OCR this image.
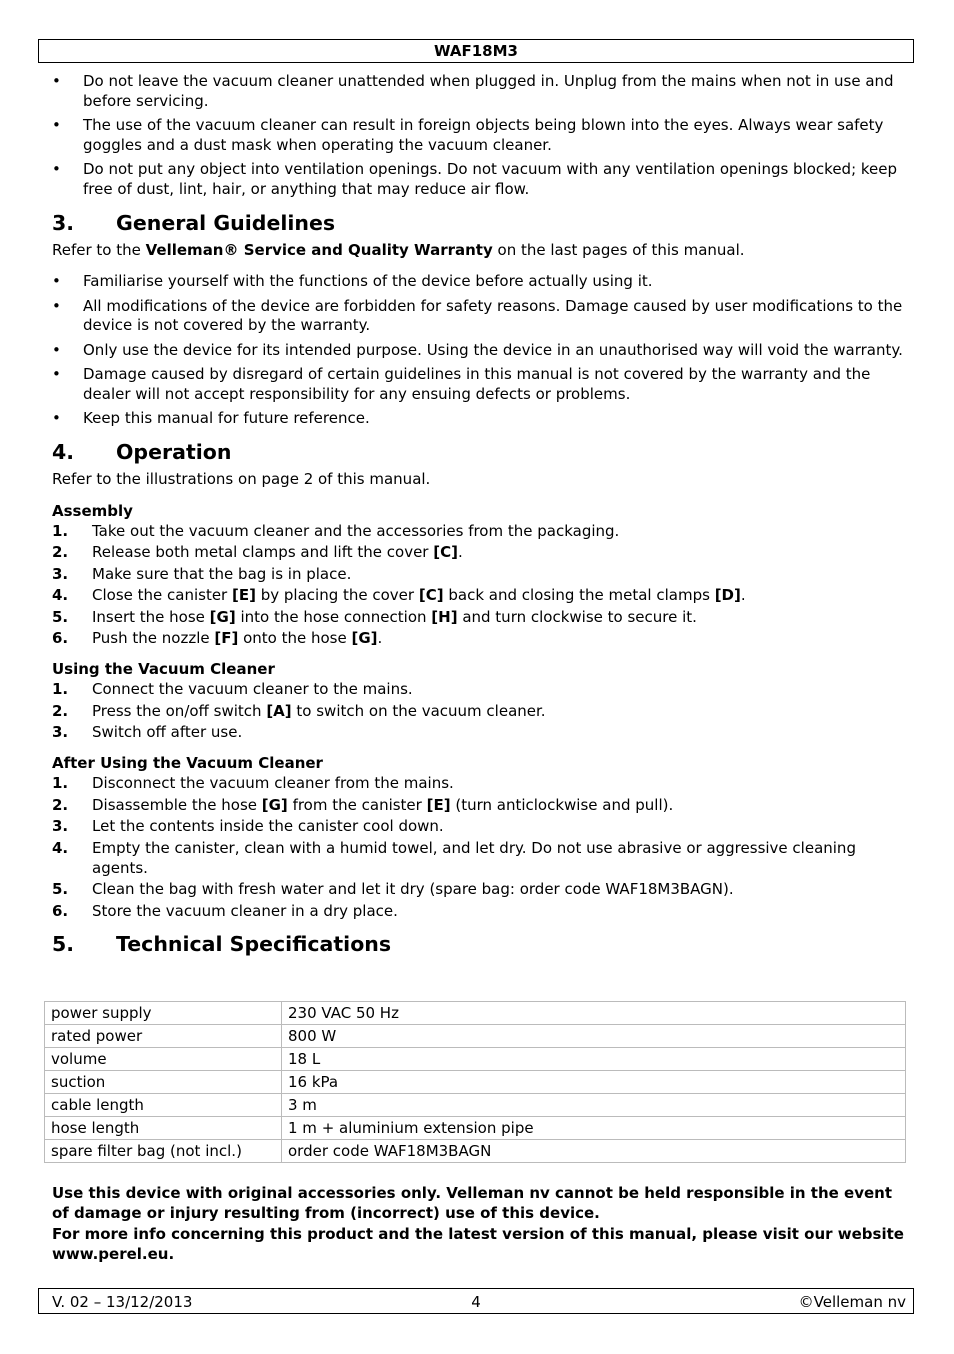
WAF18M3
• Do not leave the vacuum cleaner unattended when plugged in. Unplug from the mains when not in use and before servicing.
• The use of the vacuum cleaner can result in foreign objects being blown into the eyes. Always wear safety goggles and a dust mask when operating the vacuum cleaner.
• Do not put any object into ventilation openings. Do not vacuum with any ventilation openings blocked; keep free of dust, lint, hair, or anything that may reduce air flow.
3. General Guidelines

Refer to the Velleman® Service and Quality Warranty on the last pages of this manual.

• Familiarise yourself with the functions of the device before actually using it.
• All modifications of the device are forbidden for safety reasons. Damage caused by user modifications to the device is not covered by the warranty.
• Only use the device for its intended purpose. Using the device in an unauthorised way will void the warranty.
• Damage caused by disregard of certain guidelines in this manual is not covered by the warranty and the dealer will not accept responsibility for any ensuing defects or problems.
• Keep this manual for future reference.
4. Operation

Refer to the illustrations on page 2 of this manual.

Assembly
1. Take out the vacuum cleaner and the accessories from the packaging.
2. Release both metal clamps and lift the cover [C].
3. Make sure that the bag is in place.
4. Close the canister [E] by placing the cover [C] back and closing the metal clamps [D].
5. Insert the hose [G] into the hose connection [H] and turn clockwise to secure it.
6. Push the nozzle [F] onto the hose [G].
Using the Vacuum Cleaner
1. Connect the vacuum cleaner to the mains.
2. Press the on/off switch [A] to switch on the vacuum cleaner.
3. Switch off after use.
After Using the Vacuum Cleaner
1. Disconnect the vacuum cleaner from the mains.
2. Disassemble the hose [G] from the canister [E] (turn anticlockwise and pull).
3. Let the contents inside the canister cool down.
4. Empty the canister, clean with a humid towel, and let dry. Do not use abrasive or aggressive cleaning agents.
5. Clean the bag with fresh water and let it dry (spare bag: order code WAF18M3BAGN).
6. Store the vacuum cleaner in a dry place.
5. Technical Specifications
power supply	230 VAC 50 Hz
rated power	800 W
volume	18 L
suction	16 kPa
cable length	3 m
hose length	1 m + aluminium extension pipe
spare filter bag (not incl.)	order code WAF18M3BAGN

Use this device with original accessories only. Velleman nv cannot be held responsible in the event of damage or injury resulting from (incorrect) use of this device.

For more info concerning this product and the latest version of this manual, please visit our website www.perel.eu.

V. 02 – 13/12/2013	4	©Velleman nv
